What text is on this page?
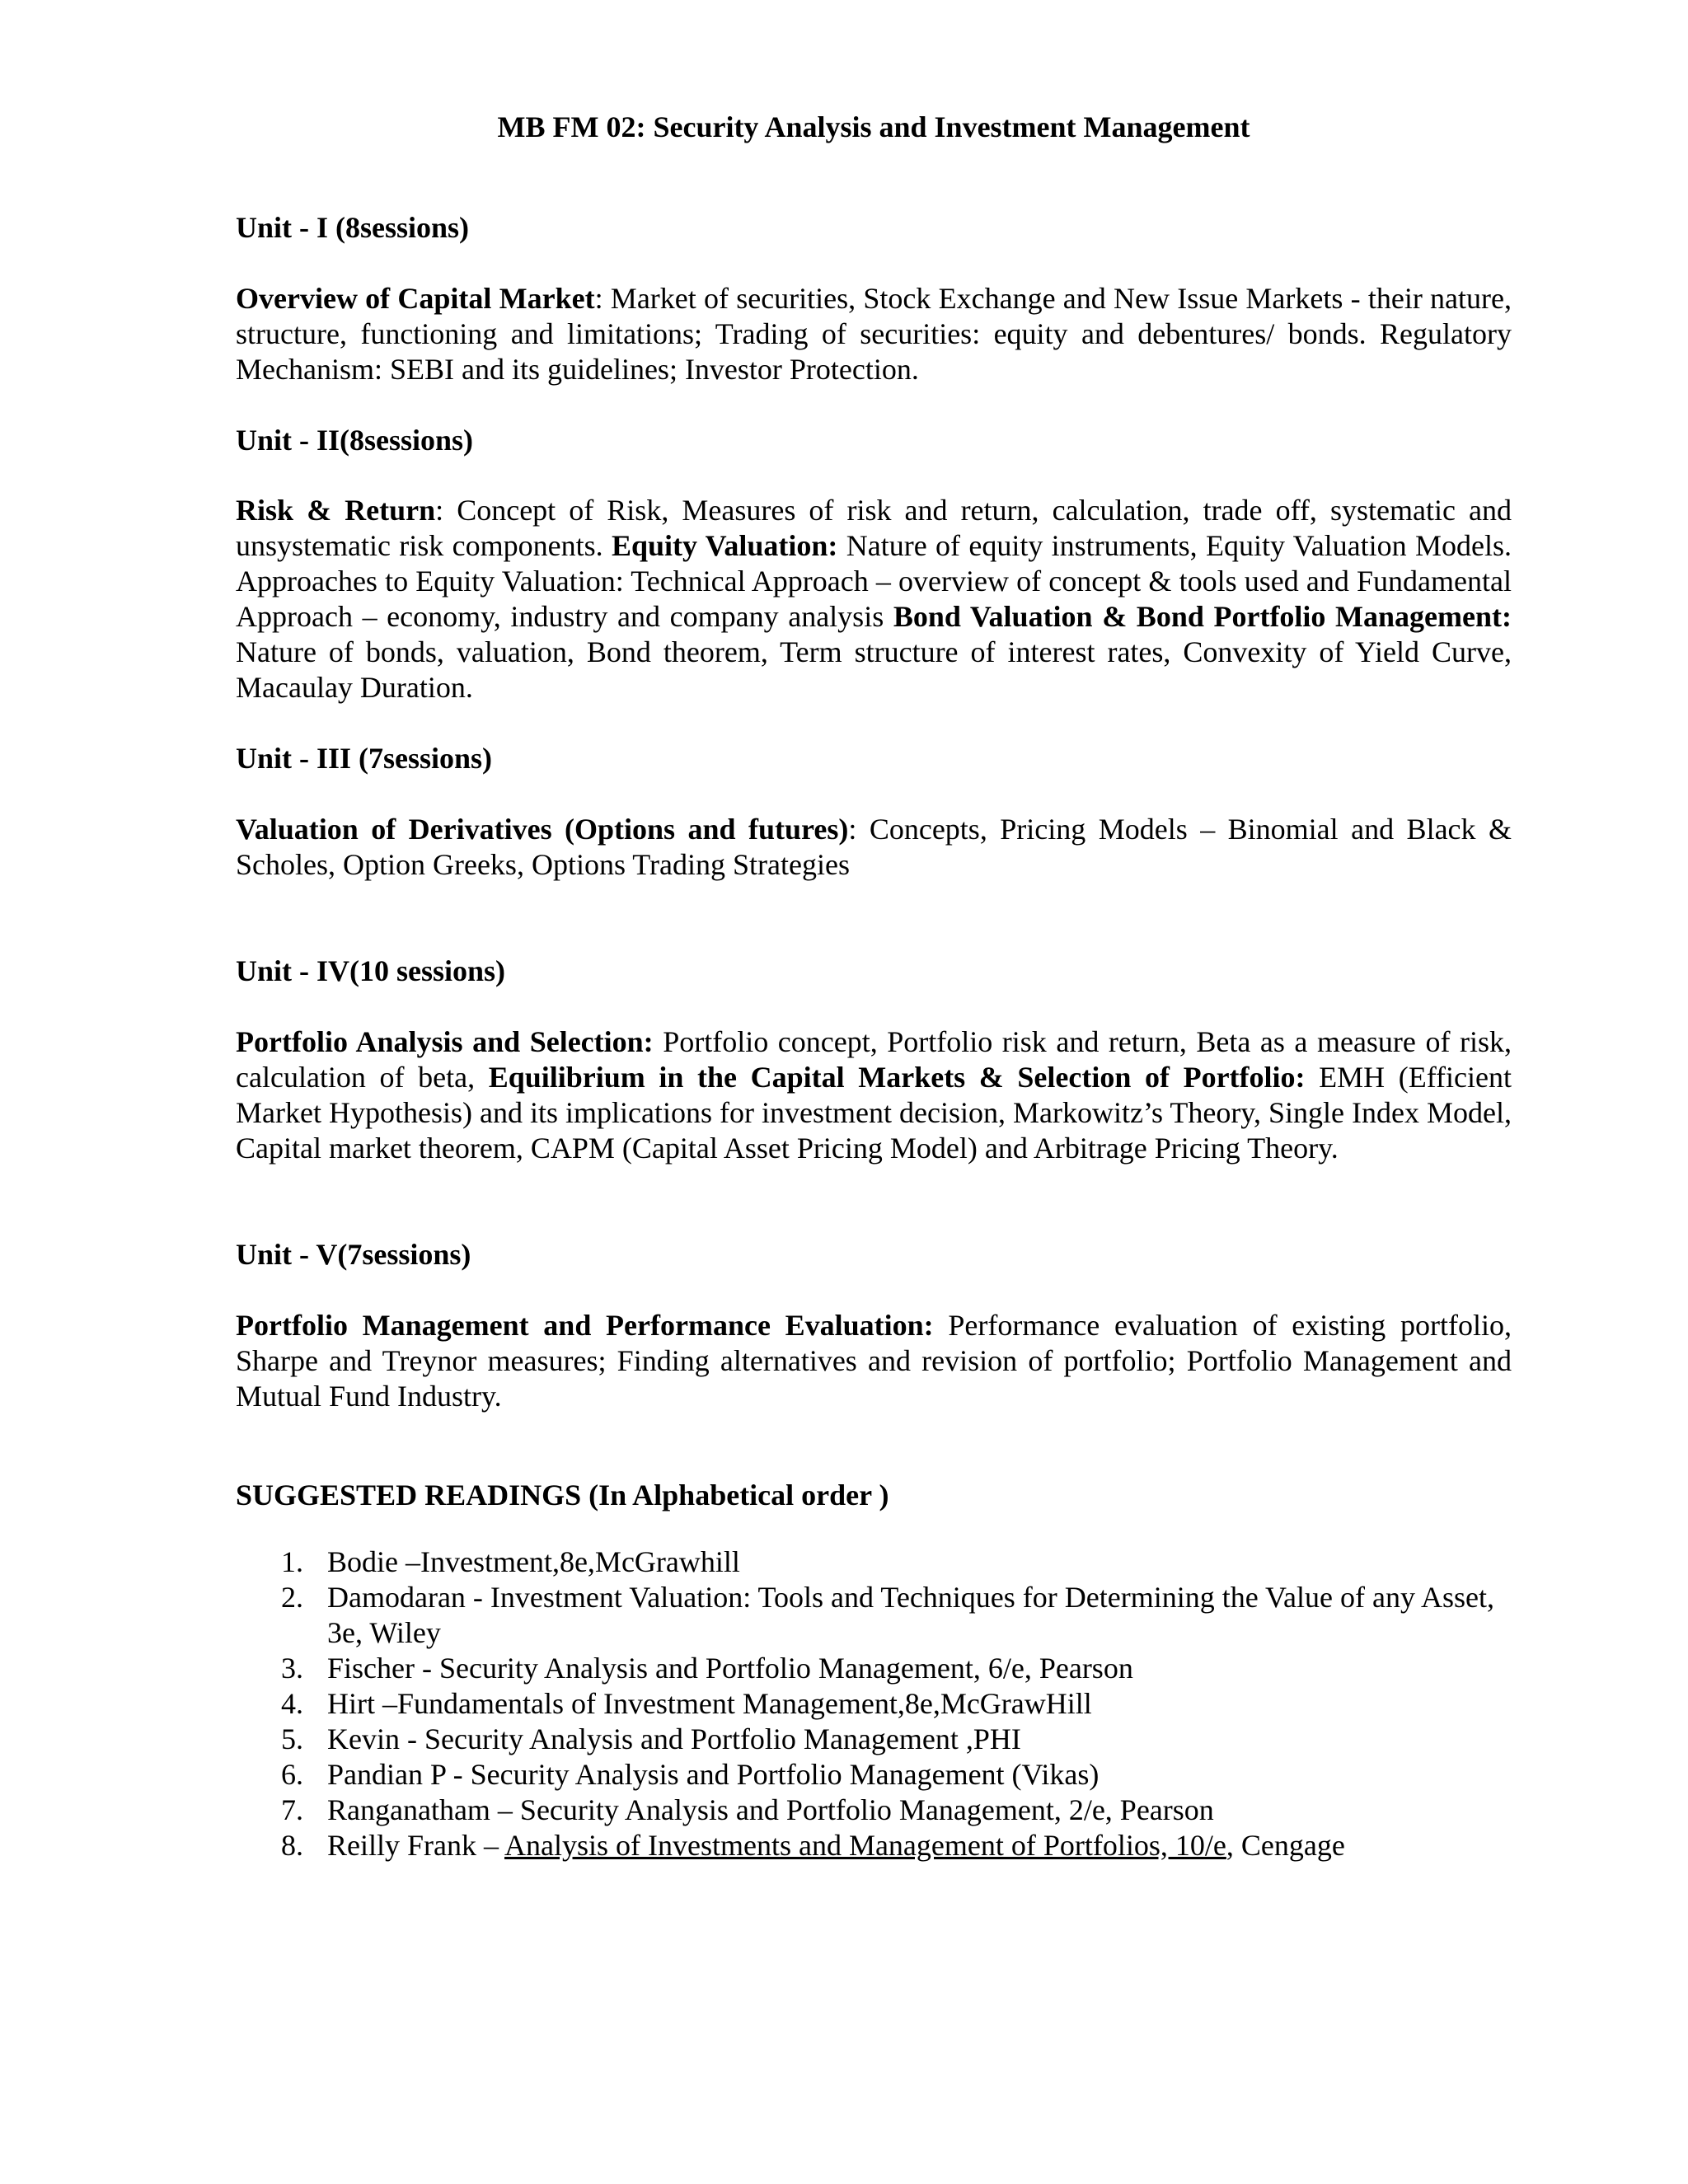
MB FM 02: Security Analysis and Investment Management
Unit - I (8sessions)
Overview of Capital Market: Market of securities, Stock Exchange and New Issue Markets - their nature, structure, functioning and limitations; Trading of securities: equity and debentures/ bonds. Regulatory Mechanism: SEBI and its guidelines; Investor Protection.
Unit - II(8sessions)
Risk & Return: Concept of Risk, Measures of risk and return, calculation, trade off, systematic and unsystematic risk components. Equity Valuation: Nature of equity instruments, Equity Valuation Models. Approaches to Equity Valuation: Technical Approach – overview of concept & tools used and Fundamental Approach – economy, industry and company analysis Bond Valuation & Bond Portfolio Management: Nature of bonds, valuation, Bond theorem, Term structure of interest rates, Convexity of Yield Curve, Macaulay Duration.
Unit - III (7sessions)
Valuation of Derivatives (Options and futures): Concepts, Pricing Models – Binomial and Black & Scholes, Option Greeks, Options Trading Strategies
Unit - IV(10 sessions)
Portfolio Analysis and Selection: Portfolio concept, Portfolio risk and return, Beta as a measure of risk, calculation of beta, Equilibrium in the Capital Markets & Selection of Portfolio: EMH (Efficient Market Hypothesis) and its implications for investment decision, Markowitz’s Theory, Single Index Model, Capital market theorem, CAPM (Capital Asset Pricing Model) and Arbitrage Pricing Theory.
Unit - V(7sessions)
Portfolio Management and Performance Evaluation: Performance evaluation of existing portfolio, Sharpe and Treynor measures; Finding alternatives and revision of portfolio; Portfolio Management and Mutual Fund Industry.
SUGGESTED READINGS (In Alphabetical order )
1. Bodie –Investment,8e,McGrawhill
2. Damodaran - Investment Valuation: Tools and Techniques for Determining the Value of any Asset, 3e, Wiley
3. Fischer - Security Analysis and Portfolio Management, 6/e, Pearson
4. Hirt –Fundamentals of Investment Management,8e,McGrawHill
5. Kevin - Security Analysis and Portfolio Management ,PHI
6. Pandian P - Security Analysis and Portfolio Management (Vikas)
7. Ranganatham – Security Analysis and Portfolio Management, 2/e, Pearson
8. Reilly Frank – Analysis of Investments and Management of Portfolios, 10/e, Cengage
